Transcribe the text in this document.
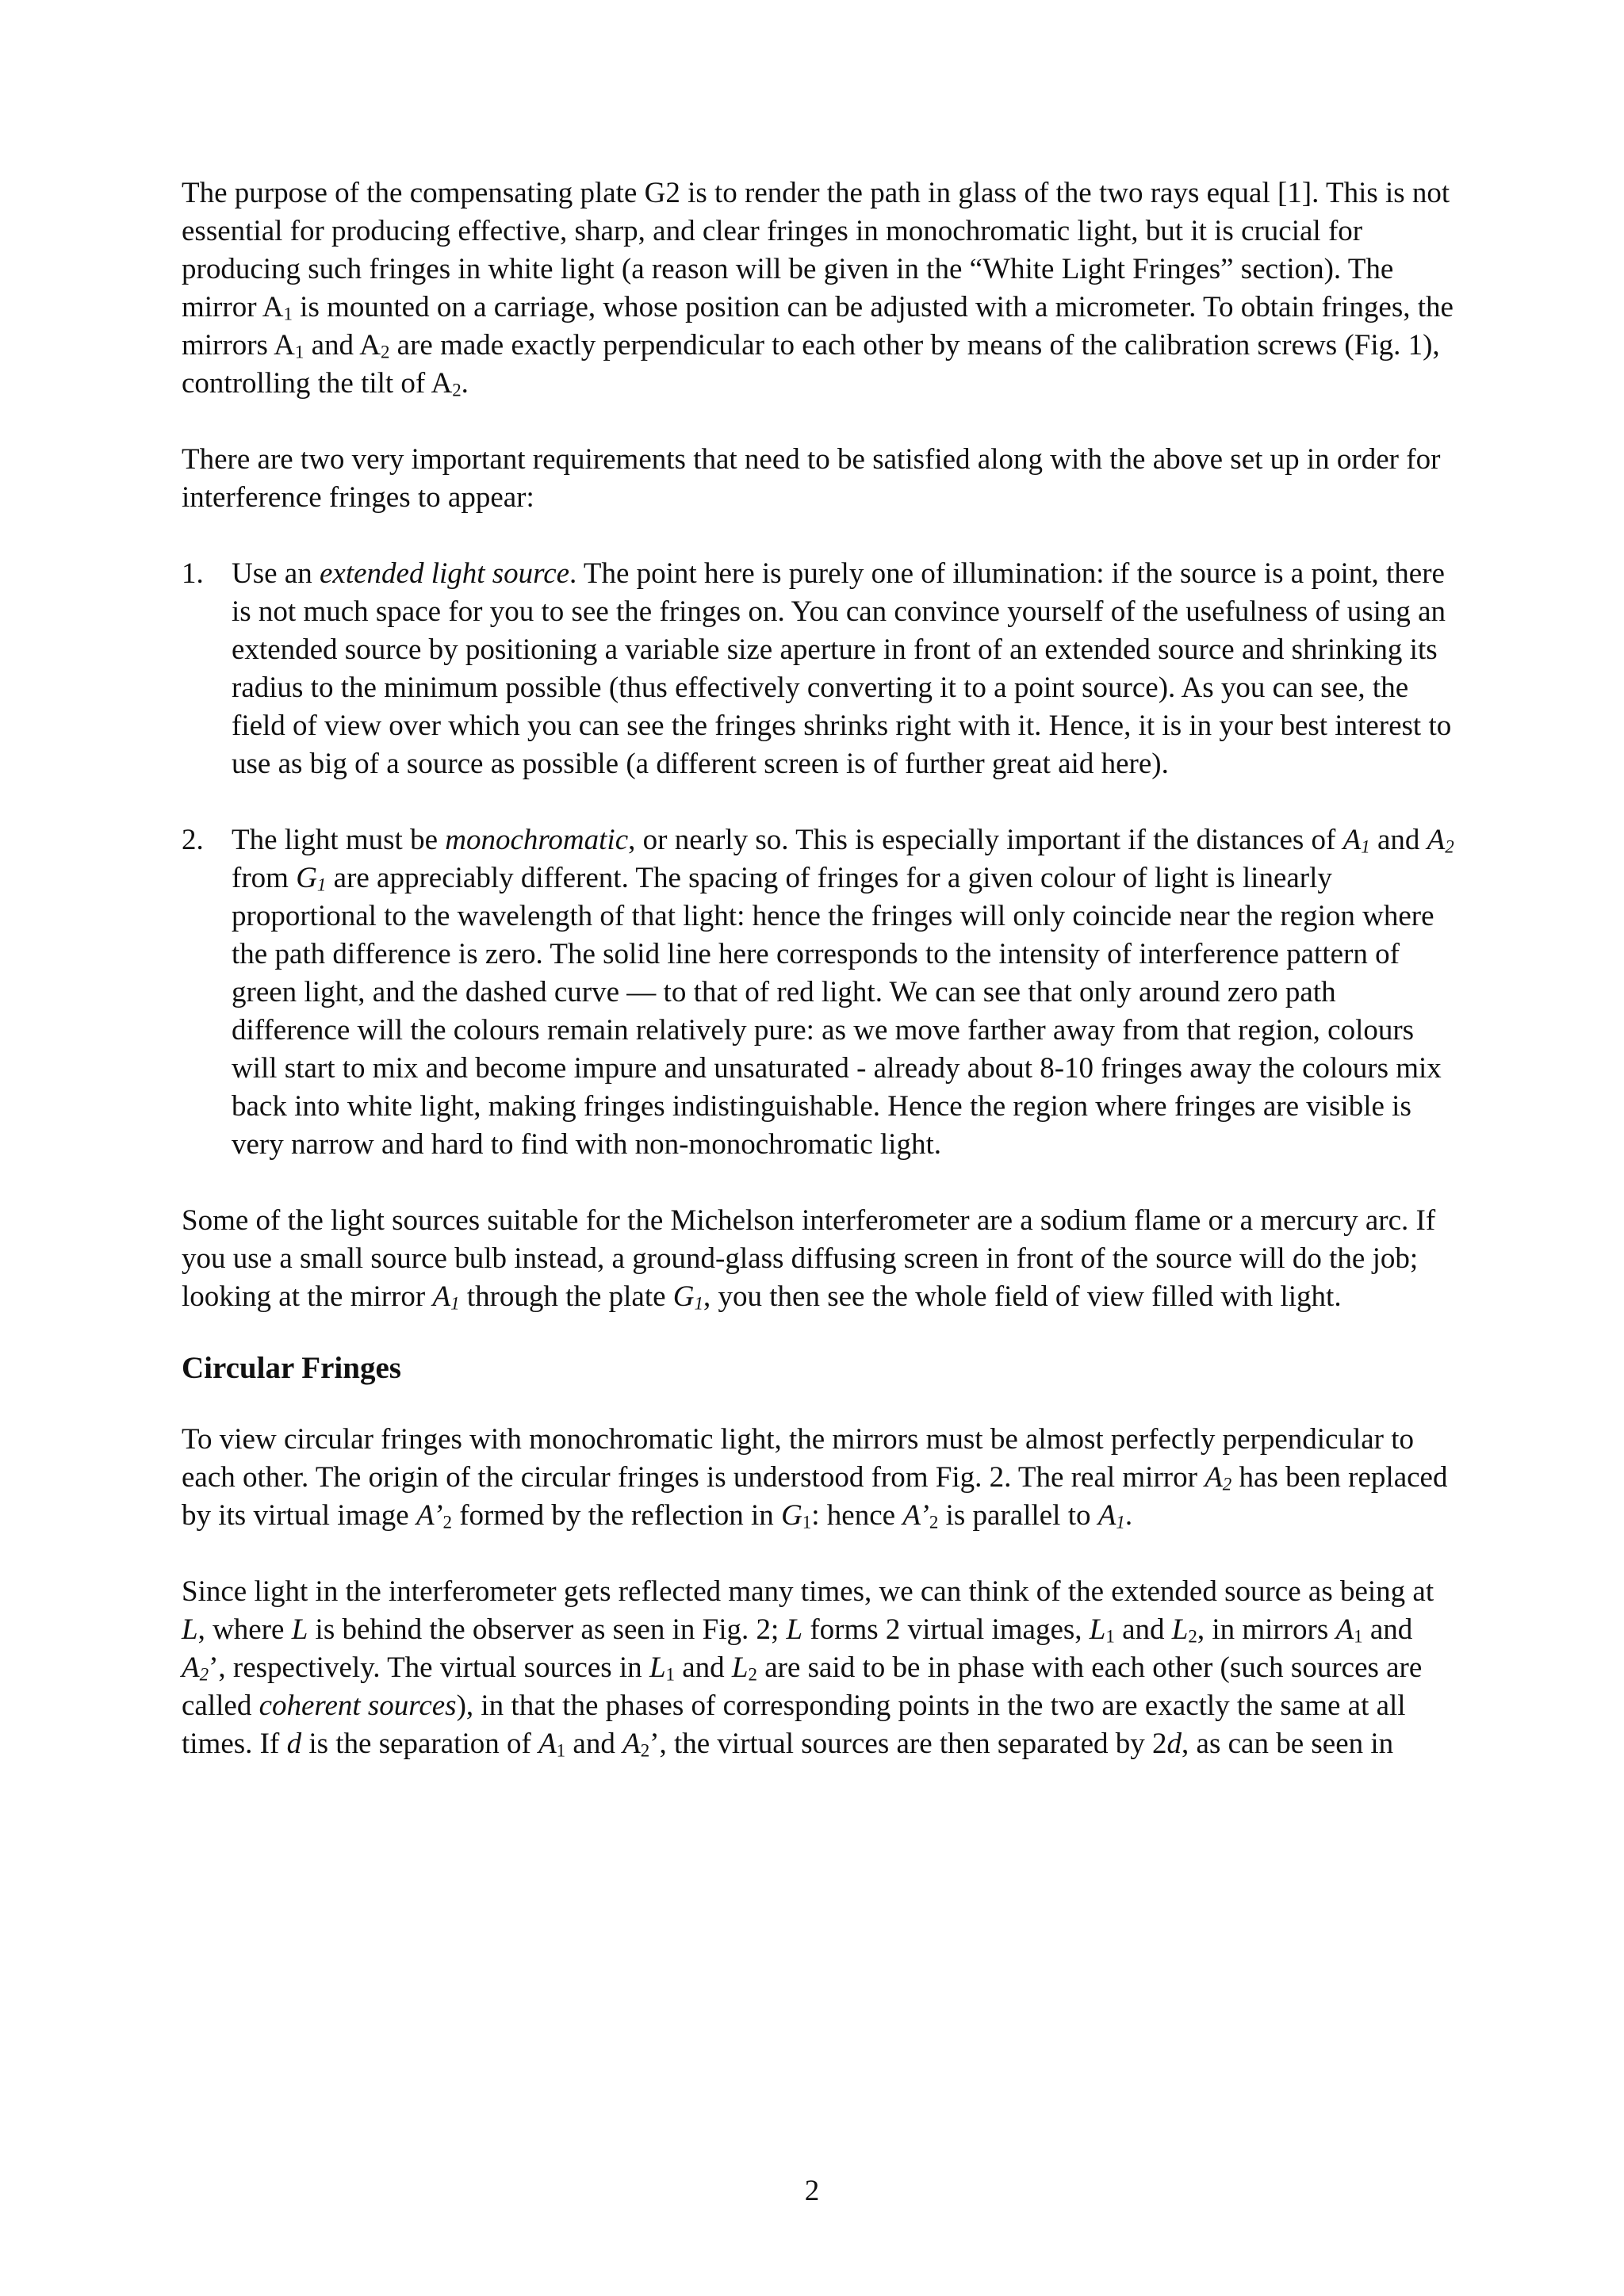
The purpose of the compensating plate G2 is to render the path in glass of the two rays equal [1]. This is not essential for producing effective, sharp, and clear fringes in monochromatic light, but it is crucial for producing such fringes in white light (a reason will be given in the “White Light Fringes” section). The mirror $A_1$ is mounted on a carriage, whose position can be adjusted with a micrometer. To obtain fringes, the mirrors $A_1$ and $A_2$ are made exactly perpendicular to each other by means of the calibration screws (Fig. 1), controlling the tilt of $A_2$.

There are two very important requirements that need to be satisfied along with the above set up in order for interference fringes to appear:

1. Use an extended light source. The point here is purely one of illumination: if the source is a point, there is not much space for you to see the fringes on. You can convince yourself of the usefulness of using an extended source by positioning a variable size aperture in front of an extended source and shrinking its radius to the minimum possible (thus effectively converting it to a point source). As you can see, the field of view over which you can see the fringes shrinks right with it. Hence, it is in your best interest to use as big of a source as possible (a different screen is of further great aid here).
2. The light must be monochromatic, or nearly so. This is especially important if the distances of $A_1$ and $A_2$ from $G_1$ are appreciably different. The spacing of fringes for a given colour of light is linearly proportional to the wavelength of that light: hence the fringes will only coincide near the region where the path difference is zero. The solid line here corresponds to the intensity of interference pattern of green light, and the dashed curve — to that of red light. We can see that only around zero path difference will the colours remain relatively pure: as we move farther away from that region, colours will start to mix and become impure and unsaturated - already about 8-10 fringes away the colours mix back into white light, making fringes indistinguishable. Hence the region where fringes are visible is very narrow and hard to find with non-monochromatic light.

Some of the light sources suitable for the Michelson interferometer are a sodium flame or a mercury arc. If you use a small source bulb instead, a ground-glass diffusing screen in front of the source will do the job; looking at the mirror $A_1$ through the plate $G_1$, you then see the whole field of view filled with light.

Circular Fringes

To view circular fringes with monochromatic light, the mirrors must be almost perfectly perpendicular to each other. The origin of the circular fringes is understood from Fig. 2. The real mirror $A_2$ has been replaced by its virtual image $A’_2$ formed by the reflection in $G_1$: hence $A’_2$ is parallel to $A_1$.

Since light in the interferometer gets reflected many times, we can think of the extended source as being at L, where L is behind the observer as seen in Fig. 2; L forms 2 virtual images, $L_1$ and $L_2$, in mirrors $A_1$ and $A_2$’, respectively. The virtual sources in $L_1$ and $L_2$ are said to be in phase with each other (such sources are called coherent sources), in that the phases of corresponding points in the two are exactly the same at all times. If d is the separation of $A_1$ and $A_2$’, the virtual sources are then separated by 2d, as can be seen in

2
